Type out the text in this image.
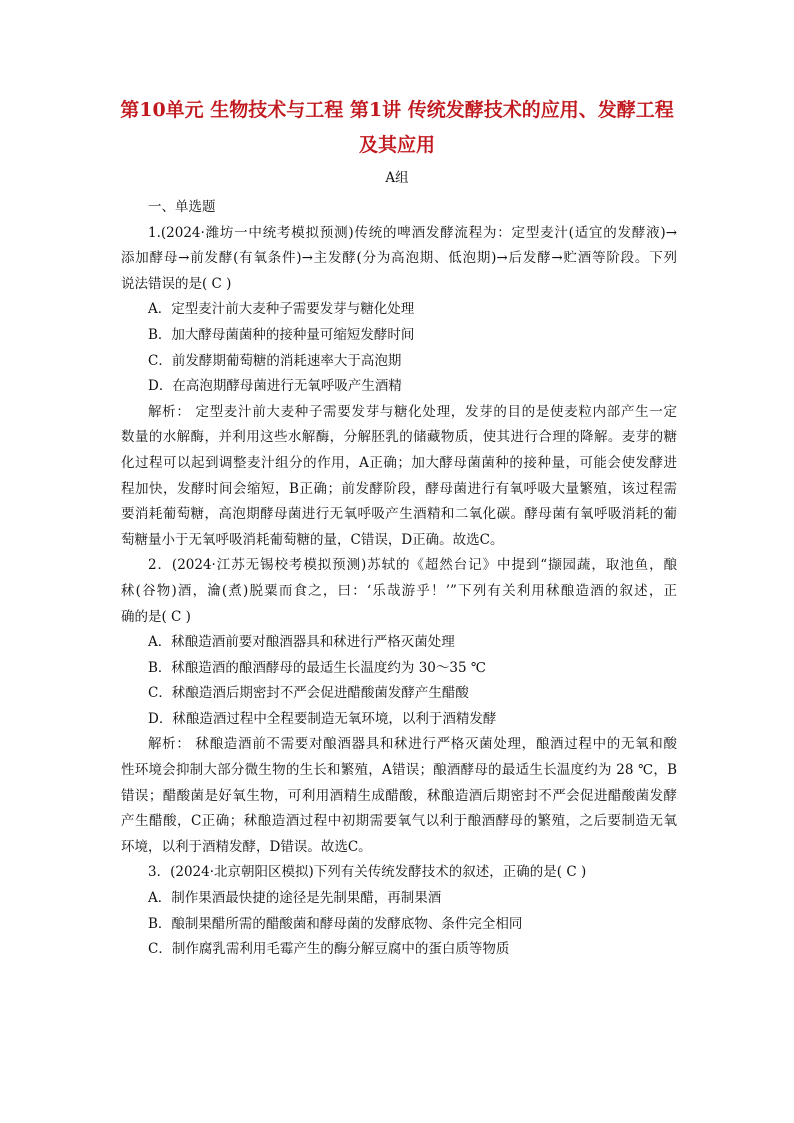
第10单元 生物技术与工程 第1讲 传统发酵技术的应用、发酵工程
及其应用
A组

一、单选题

1.(2024·潍坊一中统考模拟预测)传统的啤酒发酵流程为：定型麦汁(适宜的发酵液)→

添加酵母→前发酵(有氧条件)→主发酵(分为高泡期、低泡期)→后发酵→贮酒等阶段。下列

说法错误的是( C )

A．定型麦汁前大麦种子需要发芽与糖化处理

B．加大酵母菌菌种的接种量可缩短发酵时间

C．前发酵期葡萄糖的消耗速率大于高泡期

D．在高泡期酵母菌进行无氧呼吸产生酒精

解析： 定型麦汁前大麦种子需要发芽与糖化处理，发芽的目的是使麦粒内部产生一定

数量的水解酶，并利用这些水解酶，分解胚乳的储藏物质，使其进行合理的降解。麦芽的糖

化过程可以起到调整麦汁组分的作用，A正确；加大酵母菌菌种的接种量，可能会使发酵进

程加快，发酵时间会缩短，B正确；前发酵阶段，酵母菌进行有氧呼吸大量繁殖，该过程需

要消耗葡萄糖，高泡期酵母菌进行无氧呼吸产生酒精和二氧化碳。酵母菌有氧呼吸消耗的葡

萄糖量小于无氧呼吸消耗葡萄糖的量，C错误，D正确。故选C。

2．(2024·江苏无锡校考模拟预测)苏轼的《超然台记》中提到“撷园蔬，取池鱼，酿

秫(谷物)酒，瀹(煮)脱粟而食之，曰：‘乐哉游乎！’”下列有关利用秫酿造酒的叙述，正

确的是( C )

A．秫酿造酒前要对酿酒器具和秫进行严格灭菌处理

B．秫酿造酒的酿酒酵母的最适生长温度约为 30～35 ℃

C．秫酿造酒后期密封不严会促进醋酸菌发酵产生醋酸

D．秫酿造酒过程中全程要制造无氧环境，以利于酒精发酵

解析： 秫酿造酒前不需要对酿酒器具和秫进行严格灭菌处理，酿酒过程中的无氧和酸

性环境会抑制大部分微生物的生长和繁殖，A错误；酿酒酵母的最适生长温度约为 28 ℃，B

错误；醋酸菌是好氧生物，可利用酒精生成醋酸，秫酿造酒后期密封不严会促进醋酸菌发酵

产生醋酸，C正确；秫酿造酒过程中初期需要氧气以利于酿酒酵母的繁殖，之后要制造无氧

环境，以利于酒精发酵，D错误。故选C。

3．(2024·北京朝阳区模拟)下列有关传统发酵技术的叙述，正确的是( C )

A．制作果酒最快捷的途径是先制果醋，再制果酒

B．酿制果醋所需的醋酸菌和酵母菌的发酵底物、条件完全相同

C．制作腐乳需利用毛霉产生的酶分解豆腐中的蛋白质等物质
